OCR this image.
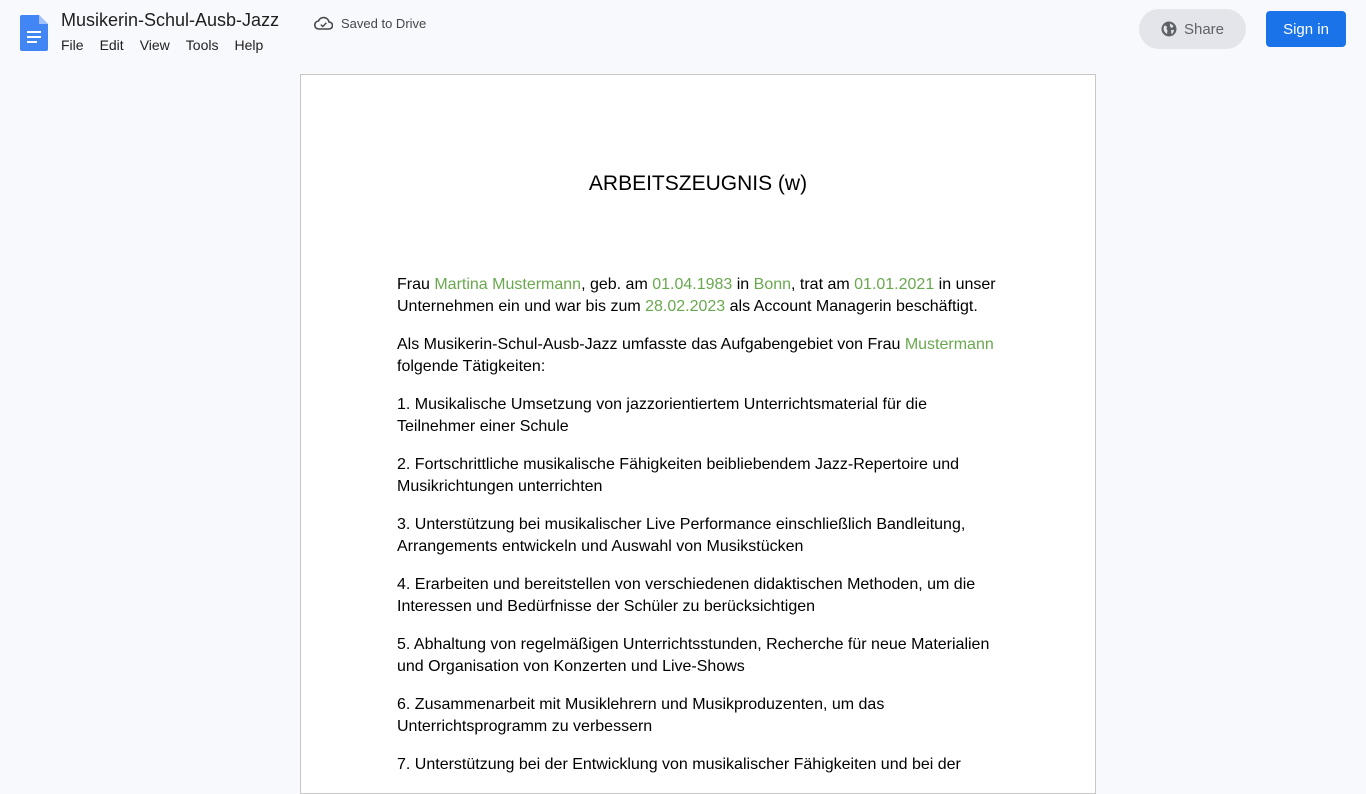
Musikerin-Schul-Ausb-Jazz	Saved to Drive
File	Edit	View	Tools	Help
Share	Sign in
ARBEITSZEUGNIS (w)

Frau Martina Mustermann, geb. am 01.04.1983 in Bonn, trat am 01.01.2021 in unser Unternehmen ein und war bis zum 28.02.2023 als Account Managerin beschäftigt.

Als Musikerin-Schul-Ausb-Jazz umfasste das Aufgabengebiet von Frau Mustermann folgende Tätigkeiten:

1. Musikalische Umsetzung von jazzorientiertem Unterrichtsmaterial für die Teilnehmer einer Schule

2. Fortschrittliche musikalische Fähigkeiten beibliebendem Jazz-Repertoire und Musikrichtungen unterrichten

3. Unterstützung bei musikalischer Live Performance einschließlich Bandleitung, Arrangements entwickeln und Auswahl von Musikstücken

4. Erarbeiten und bereitstellen von verschiedenen didaktischen Methoden, um die Interessen und Bedürfnisse der Schüler zu berücksichtigen

5. Abhaltung von regelmäßigen Unterrichtsstunden, Recherche für neue Materialien und Organisation von Konzerten und Live-Shows

6. Zusammenarbeit mit Musiklehrern und Musikproduzenten, um das Unterrichtsprogramm zu verbessern

7. Unterstützung bei der Entwicklung von musikalischer Fähigkeiten und bei der
